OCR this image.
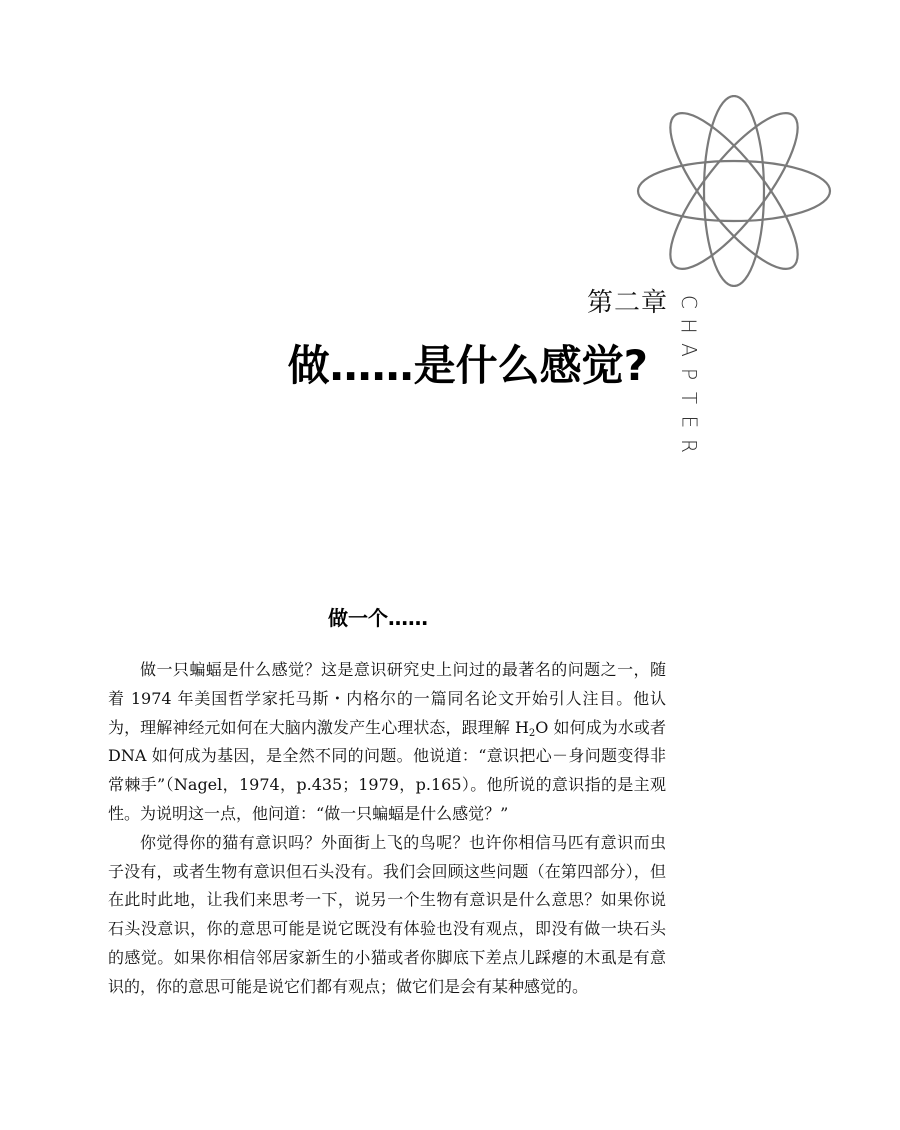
第二章
做……是什么感觉?
C
H
A
P
T
E
R
做一个……

做一只蝙蝠是什么感觉？这是意识研究史上问过的最著名的问题之一，随着 1974 年美国哲学家托马斯・内格尔的一篇同名论文开始引人注目。他认为，理解神经元如何在大脑内激发产生心理状态，跟理解 $H_2O$ 如何成为水或者 DNA 如何成为基因，是全然不同的问题。他说道：“意识把心－身问题变得非常棘手”（Nagel，1974，p.435；1979，p.165）。他所说的意识指的是主观性。为说明这一点，他问道：“做一只蝙蝠是什么感觉？”

你觉得你的猫有意识吗？外面街上飞的鸟呢？也许你相信马匹有意识而虫子没有，或者生物有意识但石头没有。我们会回顾这些问题（在第四部分），但在此时此地，让我们来思考一下，说另一个生物有意识是什么意思？如果你说石头没意识，你的意思可能是说它既没有体验也没有观点，即没有做一块石头的感觉。如果你相信邻居家新生的小猫或者你脚底下差点儿踩瘪的木虱是有意识的，你的意思可能是说它们都有观点；做它们是会有某种感觉的。
